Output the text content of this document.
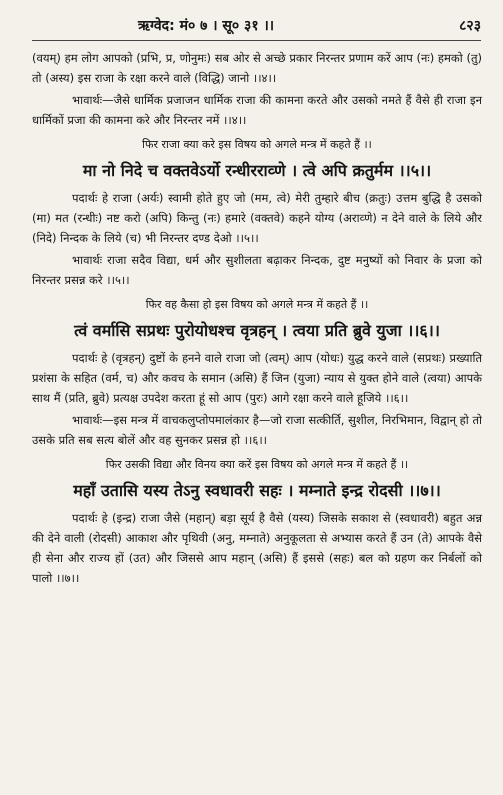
ऋग्वेद: मं० ७ । सू० ३१ ।।	८२३

(वयम्) हम लोग आपको (प्रभि, प्र, णोनुमः) सब ओर से अच्छे प्रकार निरन्तर प्रणाम करें आप (नः) हमको (तु) तो (अस्य) इस राजा के रक्षा करने वाले (विद्धि) जानो ।।४।।

भावार्थः—जैसे धार्मिक प्रजाजन धार्मिक राजा की कामना करते और उसको नमते हैं वैसे ही राजा इन धार्मिकों प्रजा की कामना करे और निरन्तर नमें ।।४।।

फिर राजा क्या करे इस विषय को अगले मन्त्र में कहते हैं ।।

मा नो निदे च वक्तवेऽर्यो रन्धीरराव्णे । त्वे अपि क्रतुर्मम ।।५।।

पदार्थः हे राजा (अर्यः) स्वामी होते हुए जो (मम, त्वे) मेरी तुम्हारे बीच (क्रतुः) उत्तम बुद्धि है उसको (मा) मत (रन्धीः) नष्ट करो (अपि) किन्तु (नः) हमारे (वक्तवे) कहने योग्य (अराव्णे) न देने वाले के लिये और (निदे) निन्दक के लिये (च) भी निरन्तर दण्ड देओ ।।५।।

भावार्थः राजा सदैव विद्या, धर्म और सुशीलता बढ़ाकर निन्दक, दुष्ट मनुष्यों को निवार के प्रजा को निरन्तर प्रसन्न करे ।।५।।

फिर वह कैसा हो इस विषय को अगले मन्त्र में कहते हैं ।।

त्वं वर्मासि सप्रथः पुरोयोधश्च वृत्रहन् । त्वया प्रति ब्रुवे युजा ।।६।।

पदार्थः हे (वृत्रहन्) दुष्टों के हनने वाले राजा जो (त्वम्) आप (योधः) युद्ध करने वाले (सप्रथः) प्रख्याति प्रशंसा के सहित (वर्म, च) और कवच के समान (असि) हैं जिन (युजा) न्याय से युक्त होने वाले (त्वया) आपके साथ मैं (प्रति, ब्रुवे) प्रत्यक्ष उपदेश करता हूं सो आप (पुरः) आगे रक्षा करने वाले हूजिये ।।६।।

भावार्थः—इस मन्त्र में वाचकलुप्तोपमालंकार है—जो राजा सत्कीर्ति, सुशील, निरभिमान, विद्वान् हो तो उसके प्रति सब सत्य बोलें और वह सुनकर प्रसन्न हो ।।६।।

फिर उसकी विद्या और विनय क्या करें इस विषय को अगले मन्त्र में कहते हैं ।।

महाँ उतासि यस्य तेऽनु स्वधावरी सहः । मम्नाते इन्द्र रोदसी ।।७।।

पदार्थः हे (इन्द्र) राजा जैसे (महान्) बड़ा सूर्य है वैसे (यस्य) जिसके सकाश से (स्वधावरी) बहुत अन्न की देने वाली (रोदसी) आकाश और पृथिवी (अनु, मम्नाते) अनुकूलता से अभ्यास करते हैं उन (ते) आपके वैसे ही सेना और राज्य हों (उत) और जिससे आप महान् (असि) हैं इससे (सहः) बल को ग्रहण कर निर्बलों को पालो ।।७।।
